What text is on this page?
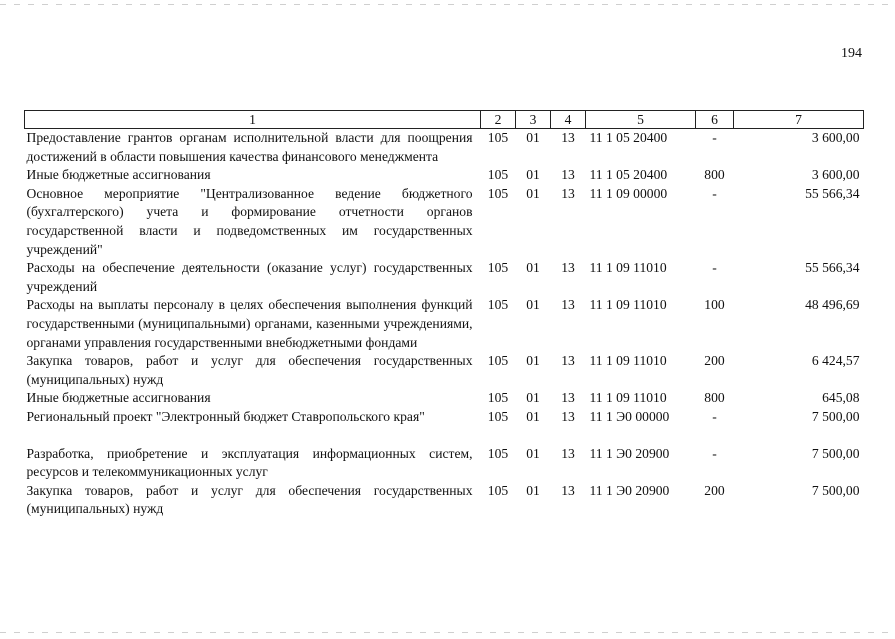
194
1	2	3	4	5	6	7
Предоставление грантов органам исполнительной власти для поощрения достижений в области повышения качества финансового менеджмента	105	01	13	11 1 05 20400	-	3 600,00
Иные бюджетные ассигнования	105	01	13	11 1 05 20400	800	3 600,00
Основное мероприятие "Централизованное ведение бюджетного (бухгалтерского) учета и формирование отчетности органов государственной власти и подведомственных им государственных учреждений"	105	01	13	11 1 09 00000	-	55 566,34
Расходы на обеспечение деятельности (оказание услуг) государственных учреждений	105	01	13	11 1 09 11010	-	55 566,34
Расходы на выплаты персоналу в целях обеспечения выполнения функций государственными (муниципальными) органами, казенными учреждениями, органами управления государственными внебюджетными фондами	105	01	13	11 1 09 11010	100	48 496,69
Закупка товаров, работ и услуг для обеспечения государственных (муниципальных) нужд	105	01	13	11 1 09 11010	200	6 424,57
Иные бюджетные ассигнования	105	01	13	11 1 09 11010	800	645,08
Региональный проект "Электронный бюджет Ставропольского края"	105	01	13	11 1 Э0 00000	-	7 500,00

Разработка, приобретение и эксплуатация информационных систем, ресурсов и телекоммуникационных услуг	105	01	13	11 1 Э0 20900	-	7 500,00
Закупка товаров, работ и услуг для обеспечения государственных (муниципальных) нужд	105	01	13	11 1 Э0 20900	200	7 500,00
